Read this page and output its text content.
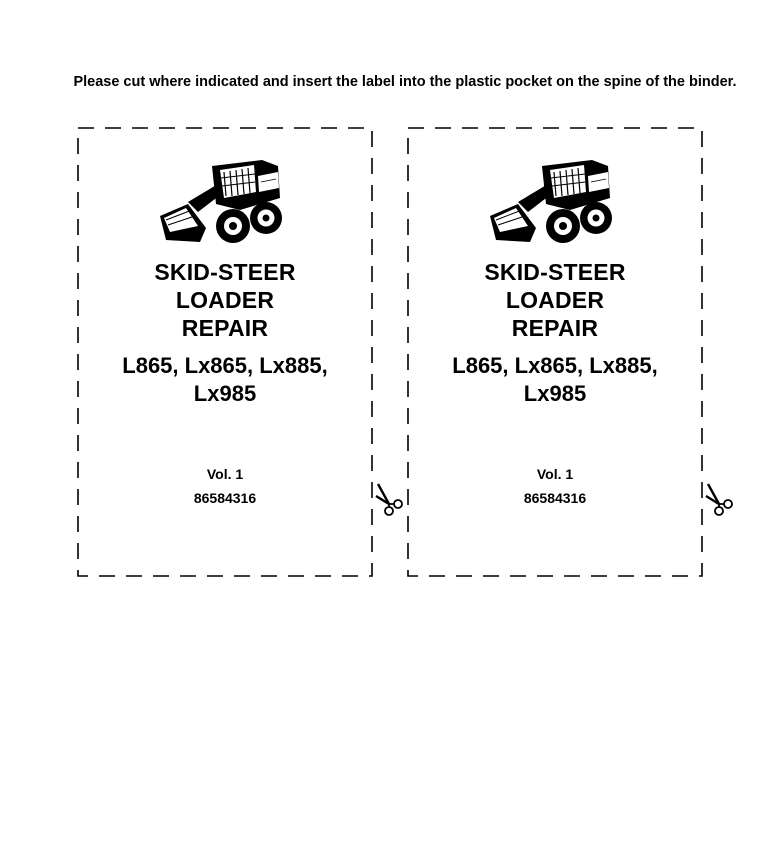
Please cut where indicated and insert the label into the plastic pocket on the spine of the binder.
SKID-STEER
LOADER
REPAIR
L865, Lx865, Lx885,
Lx985
Vol. 1
86584316
SKID-STEER
LOADER
REPAIR
L865, Lx865, Lx885,
Lx985
Vol. 1
86584316
